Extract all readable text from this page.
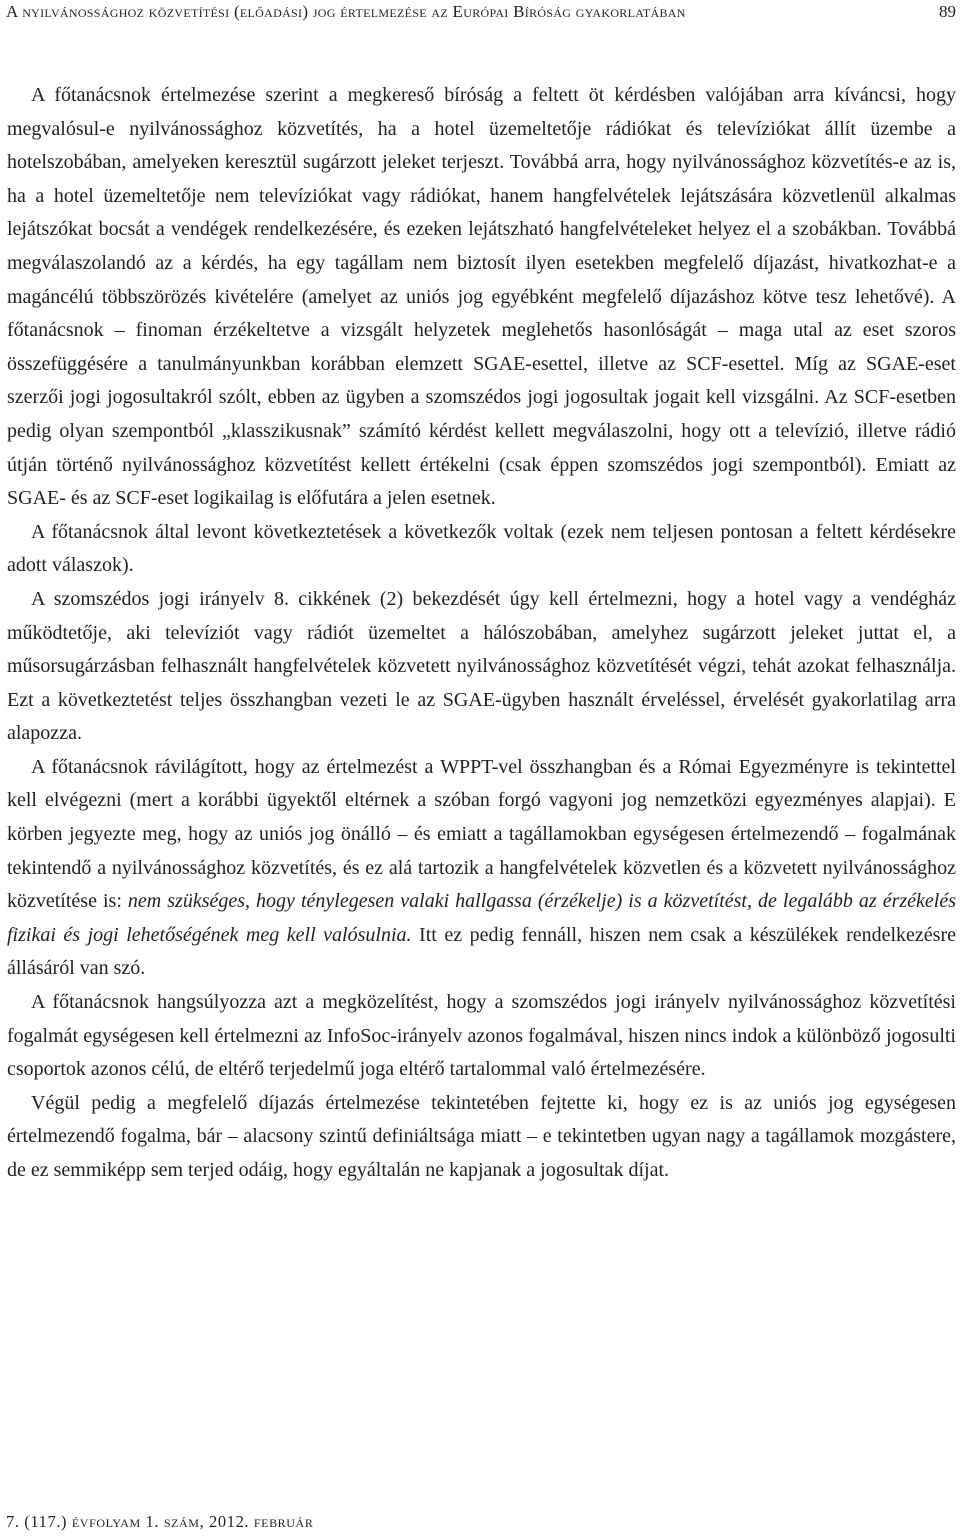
A nyilvánossághoz közvetítési (előadási) jog értelmezése az Európai Bíróság gyakorlatában	89

A főtanácsnok értelmezése szerint a megkereső bíróság a feltett öt kérdésben valójában arra kíváncsi, hogy megvalósul-e nyilvánossághoz közvetítés, ha a hotel üzemeltetője rádiókat és televíziókat állít üzembe a hotelszobában, amelyeken keresztül sugárzott jeleket terjeszt. Továbbá arra, hogy nyilvánossághoz közvetítés-e az is, ha a hotel üzemeltetője nem televíziókat vagy rádiókat, hanem hangfelvételek lejátszására közvetlenül alkalmas lejátszókat bocsát a vendégek rendelkezésére, és ezeken lejátszható hangfelvételeket helyez el a szobákban. Továbbá megválaszolandó az a kérdés, ha egy tagállam nem biztosít ilyen esetekben megfelelő díjazást, hivatkozhat-e a magáncélú többszörözés kivételére (amelyet az uniós jog egyébként megfelelő díjazáshoz kötve tesz lehetővé). A főtanácsnok – finoman érzékeltetve a vizsgált helyzetek meglehetős hasonlóságát – maga utal az eset szoros összefüggésére a tanulmányunkban korábban elemzett SGAE-esettel, illetve az SCF-esettel. Míg az SGAE-eset szerzői jogi jogosultakról szólt, ebben az ügyben a szomszédos jogi jogosultak jogait kell vizsgálni. Az SCF-esetben pedig olyan szempontból „klasszikusnak” számító kérdést kellett megválaszolni, hogy ott a televízió, illetve rádió útján történő nyilvánossághoz közvetítést kellett értékelni (csak éppen szomszédos jogi szempontból). Emiatt az SGAE- és az SCF-eset logikailag is előfutára a jelen esetnek.

A főtanácsnok által levont következtetések a következők voltak (ezek nem teljesen pontosan a feltett kérdésekre adott válaszok).

A szomszédos jogi irányelv 8. cikkének (2) bekezdését úgy kell értelmezni, hogy a hotel vagy a vendégház működtetője, aki televíziót vagy rádiót üzemeltet a hálószobában, amelyhez sugárzott jeleket juttat el, a műsorsugárzásban felhasznált hangfelvételek közvetett nyilvánossághoz közvetítését végzi, tehát azokat felhasználja. Ezt a következtetést teljes összhangban vezeti le az SGAE-ügyben használt érveléssel, érvelését gyakorlatilag arra alapozza.

A főtanácsnok rávilágított, hogy az értelmezést a WPPT-vel összhangban és a Római Egyezményre is tekintettel kell elvégezni (mert a korábbi ügyektől eltérnek a szóban forgó vagyoni jog nemzetközi egyezményes alapjai). E körben jegyezte meg, hogy az uniós jog önálló – és emiatt a tagállamokban egységesen értelmezendő – fogalmának tekintendő a nyilvánossághoz közvetítés, és ez alá tartozik a hangfelvételek közvetlen és a közvetett nyilvánossághoz közvetítése is: nem szükséges, hogy ténylegesen valaki hallgassa (érzékelje) is a közvetítést, de legalább az érzékelés fizikai és jogi lehetőségének meg kell valósulnia. Itt ez pedig fennáll, hiszen nem csak a készülékek rendelkezésre állásáról van szó.

A főtanácsnok hangsúlyozza azt a megközelítést, hogy a szomszédos jogi irányelv nyilvánossághoz közvetítési fogalmát egységesen kell értelmezni az InfoSoc-irányelv azonos fogalmával, hiszen nincs indok a különböző jogosulti csoportok azonos célú, de eltérő terjedelmű joga eltérő tartalommal való értelmezésére.

Végül pedig a megfelelő díjazás értelmezése tekintetében fejtette ki, hogy ez is az uniós jog egységesen értelmezendő fogalma, bár – alacsony szintű definiáltsága miatt – e tekintetben ugyan nagy a tagállamok mozgástere, de ez semmiképp sem terjed odáig, hogy egyáltalán ne kapjanak a jogosultak díjat.

7. (117.) évfolyam 1. szám, 2012. február
